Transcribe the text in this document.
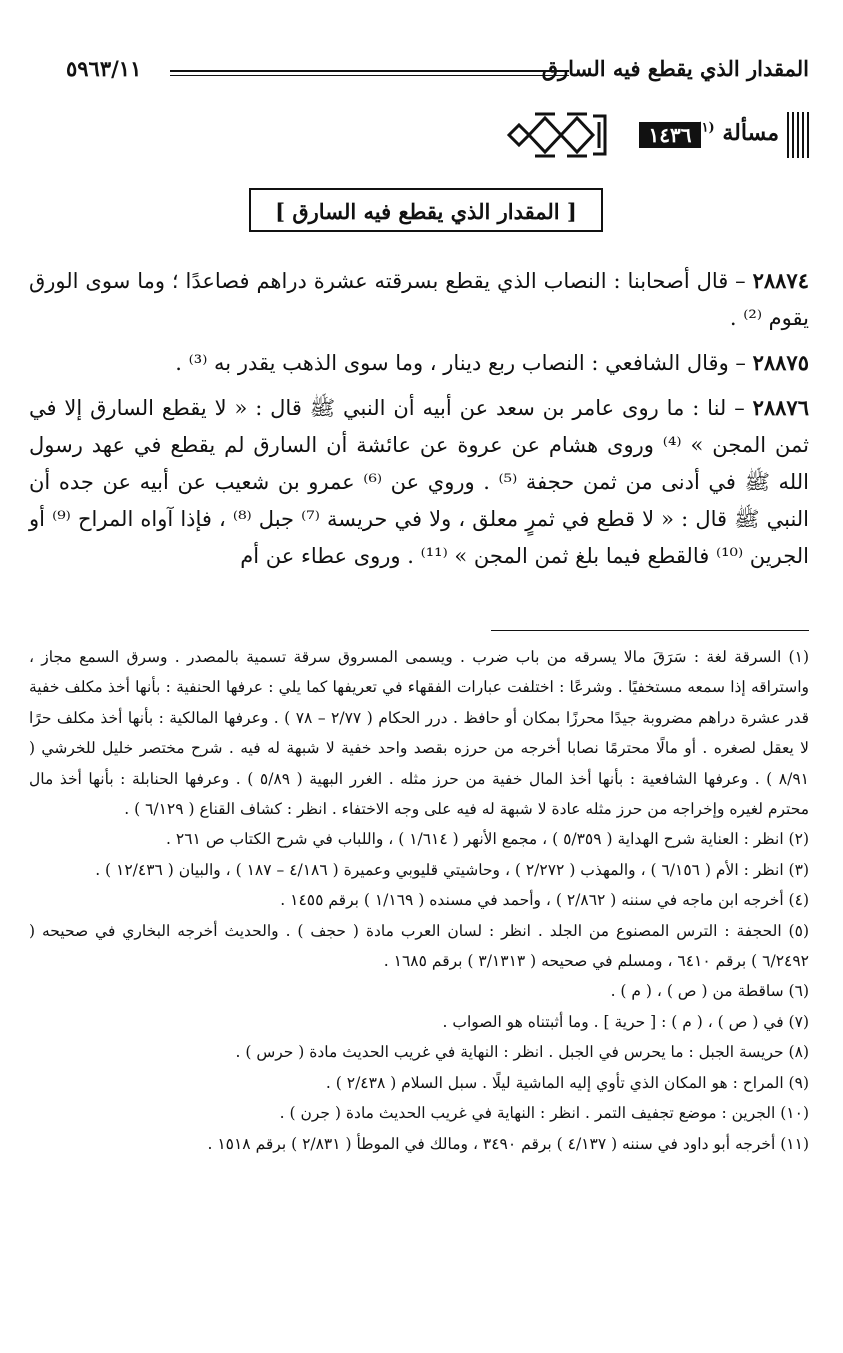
المقدار الذي يقطع فيه السارق
٥٩٦٣/١١
مسألة $^{(١}$
١٤٣٦
[ المقدار الذي يقطع فيه السارق ]

٢٨٨٧٤ – قال أصحابنا : النصاب الذي يقطع بسرقته عشرة دراهم فصاعدًا ؛ وما سوى الورق يقوم ⁽²⁾ .

٢٨٨٧٥ – وقال الشافعي : النصاب ربع دينار ، وما سوى الذهب يقدر به ⁽³⁾ .

٢٨٨٧٦ – لنا : ما روى عامر بن سعد عن أبيه أن النبي ﷺ قال : « لا يقطع السارق إلا في ثمن المجن » ⁽⁴⁾ وروى هشام عن عروة عن عائشة أن السارق لم يقطع في عهد رسول الله ﷺ في أدنى من ثمن حجفة ⁽⁵⁾ . وروي عن ⁽⁶⁾ عمرو بن شعيب عن أبيه عن جده أن النبي ﷺ قال : « لا قطع في ثمرٍ معلق ، ولا في حريسة ⁽⁷⁾ جبل ⁽⁸⁾ ، فإذا آواه المراح ⁽⁹⁾ أو الجرين ⁽¹⁰⁾ فالقطع فيما بلغ ثمن المجن » ⁽¹¹⁾ . وروى عطاء عن أم

(١) السرقة لغة : سَرَقَ مالا يسرقه من باب ضرب . ويسمى المسروق سرقة تسمية بالمصدر . وسرق السمع مجاز ، واستراقه إذا سمعه مستخفيًا . وشرعًا : اختلفت عبارات الفقهاء في تعريفها كما يلي : عرفها الحنفية : بأنها أخذ مكلف خفية قدر عشرة دراهم مضروبة جيدًا محرزًا بمكان أو حافظ . درر الحكام ( ٢/٧٧ – ٧٨ ) . وعرفها المالكية : بأنها أخذ مكلف حرًا لا يعقل لصغره . أو مالًا محترمًا نصابا أخرجه من حرزه بقصد واحد خفية لا شبهة له فيه . شرح مختصر خليل للخرشي ( ٨/٩١ ) . وعرفها الشافعية : بأنها أخذ المال خفية من حرز مثله . الغرر البهية ( ٥/٨٩ ) . وعرفها الحنابلة : بأنها أخذ مال محترم لغيره وإخراجه من حرز مثله عادة لا شبهة له فيه على وجه الاختفاء . انظر : كشاف القناع ( ٦/١٢٩ ) .

(٢) انظر : العناية شرح الهداية ( ٥/٣٥٩ ) ، مجمع الأنهر ( ١/٦١٤ ) ، واللباب في شرح الكتاب ص ٢٦١ .

(٣) انظر : الأم ( ٦/١٥٦ ) ، والمهذب ( ٢/٢٧٢ ) ، وحاشيتي قليوبي وعميرة ( ٤/١٨٦ – ١٨٧ ) ، والبيان ( ١٢/٤٣٦ ) .

(٤) أخرجه ابن ماجه في سننه ( ٢/٨٦٢ ) ، وأحمد في مسنده ( ١/١٦٩ ) برقم ١٤٥٥ .

(٥) الحجفة : الترس المصنوع من الجلد . انظر : لسان العرب مادة ( حجف ) . والحديث أخرجه البخاري في صحيحه ( ٦/٢٤٩٢ ) برقم ٦٤١٠ ، ومسلم في صحيحه ( ٣/١٣١٣ ) برقم ١٦٨٥ .

(٦) ساقطة من ( ص ) ، ( م ) .

(٧) في ( ص ) ، ( م ) : [ حرية ] . وما أثبتناه هو الصواب .

(٨) حريسة الجبل : ما يحرس في الجبل . انظر : النهاية في غريب الحديث مادة ( حرس ) .

(٩) المراح : هو المكان الذي تأوي إليه الماشية ليلًا . سبل السلام ( ٢/٤٣٨ ) .

(١٠) الجرين : موضع تجفيف التمر . انظر : النهاية في غريب الحديث مادة ( جرن ) .

(١١) أخرجه أبو داود في سننه ( ٤/١٣٧ ) برقم ٣٤٩٠ ، ومالك في الموطأ ( ٢/٨٣١ ) برقم ١٥١٨ .
